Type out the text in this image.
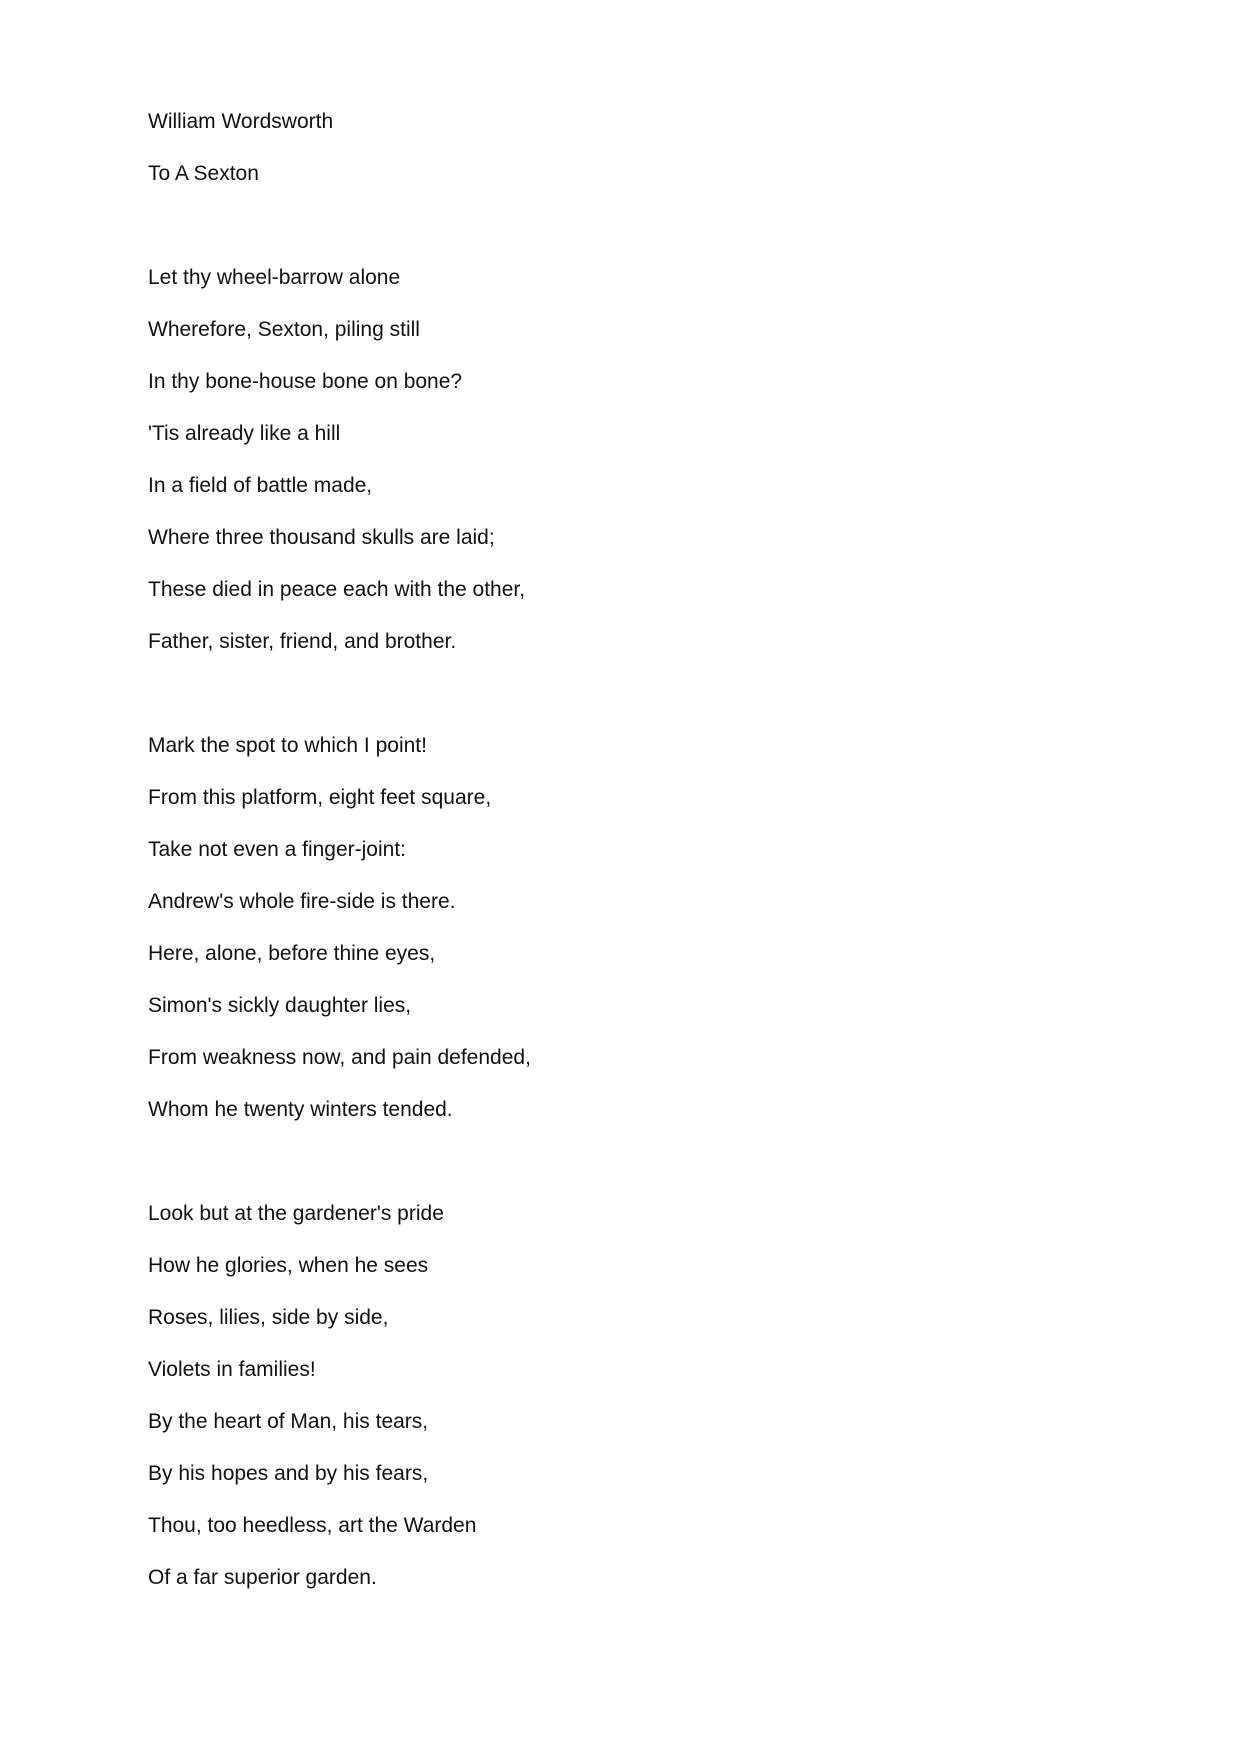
William Wordsworth
To A Sexton
Let thy wheel-barrow alone
Wherefore, Sexton, piling still
In thy bone-house bone on bone?
'Tis already like a hill
In a field of battle made,
Where three thousand skulls are laid;
These died in peace each with the other,
Father, sister, friend, and brother.
Mark the spot to which I point!
From this platform, eight feet square,
Take not even a finger-joint:
Andrew's whole fire-side is there.
Here, alone, before thine eyes,
Simon's sickly daughter lies,
From weakness now, and pain defended,
Whom he twenty winters tended.
Look but at the gardener's pride
How he glories, when he sees
Roses, lilies, side by side,
Violets in families!
By the heart of Man, his tears,
By his hopes and by his fears,
Thou, too heedless, art the Warden
Of a far superior garden.
